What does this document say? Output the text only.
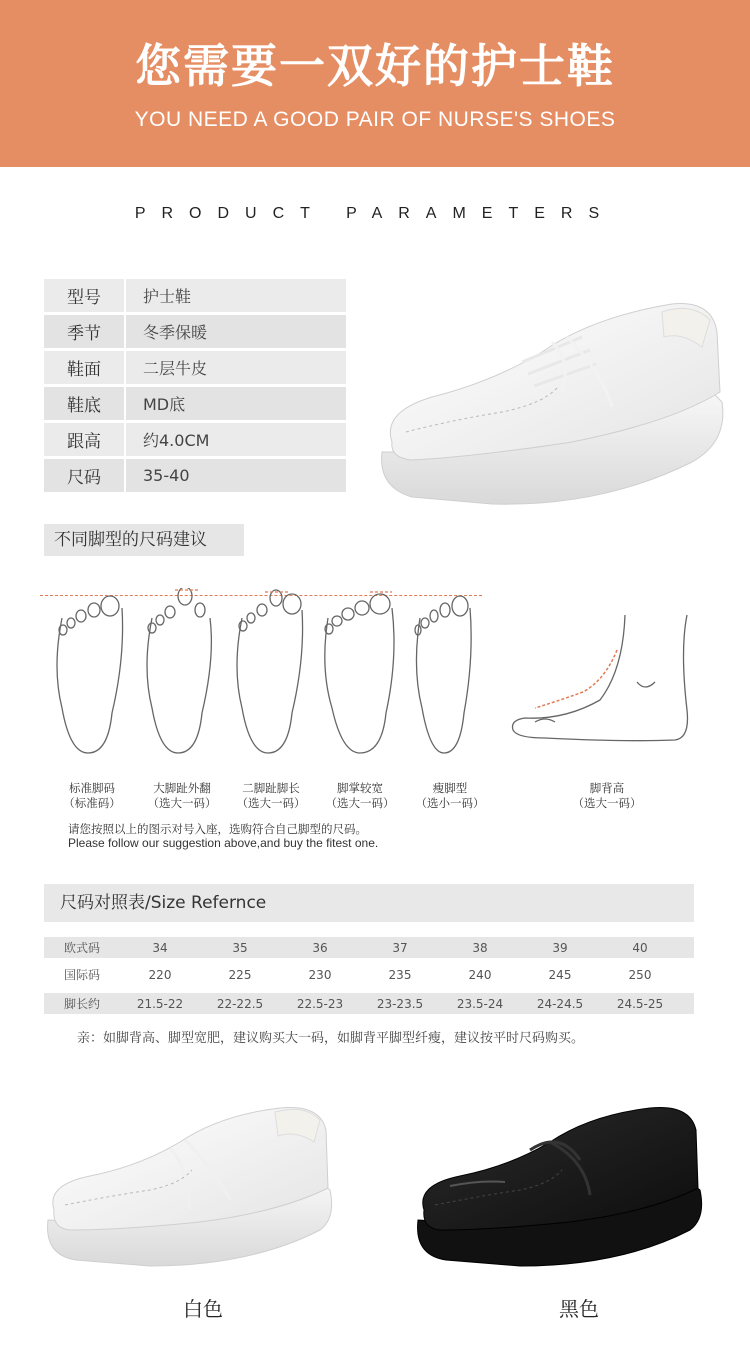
您需要一双好的护士鞋
YOU NEED A GOOD PAIR OF NURSE'S SHOES
PRODUCT PARAMETERS
型号	护士鞋
季节	冬季保暖
鞋面	二层牛皮
鞋底	MD底
跟高	约4.0CM
尺码	35-40
不同脚型的尺码建议
标准脚码
（标准码）
大脚趾外翻
（选大一码）
二脚趾脚长
（选大一码）
脚掌较宽
（选大一码）
瘦脚型
（选小一码）
脚背高
（选大一码）
请您按照以上的图示对号入座，选购符合自己脚型的尺码。
Please follow our suggestion above,and buy the fitest one.
尺码对照表/Size Refernce
欧式码	34	35	36	37	38	39	40
国际码	220	225	230	235	240	245	250
脚长约	21.5-22	22-22.5	22.5-23	23-23.5	23.5-24	24-24.5	24.5-25
亲：如脚背高、脚型宽肥，建议购买大一码，如脚背平脚型纤瘦，建议按平时尺码购买。
白色	黑色
